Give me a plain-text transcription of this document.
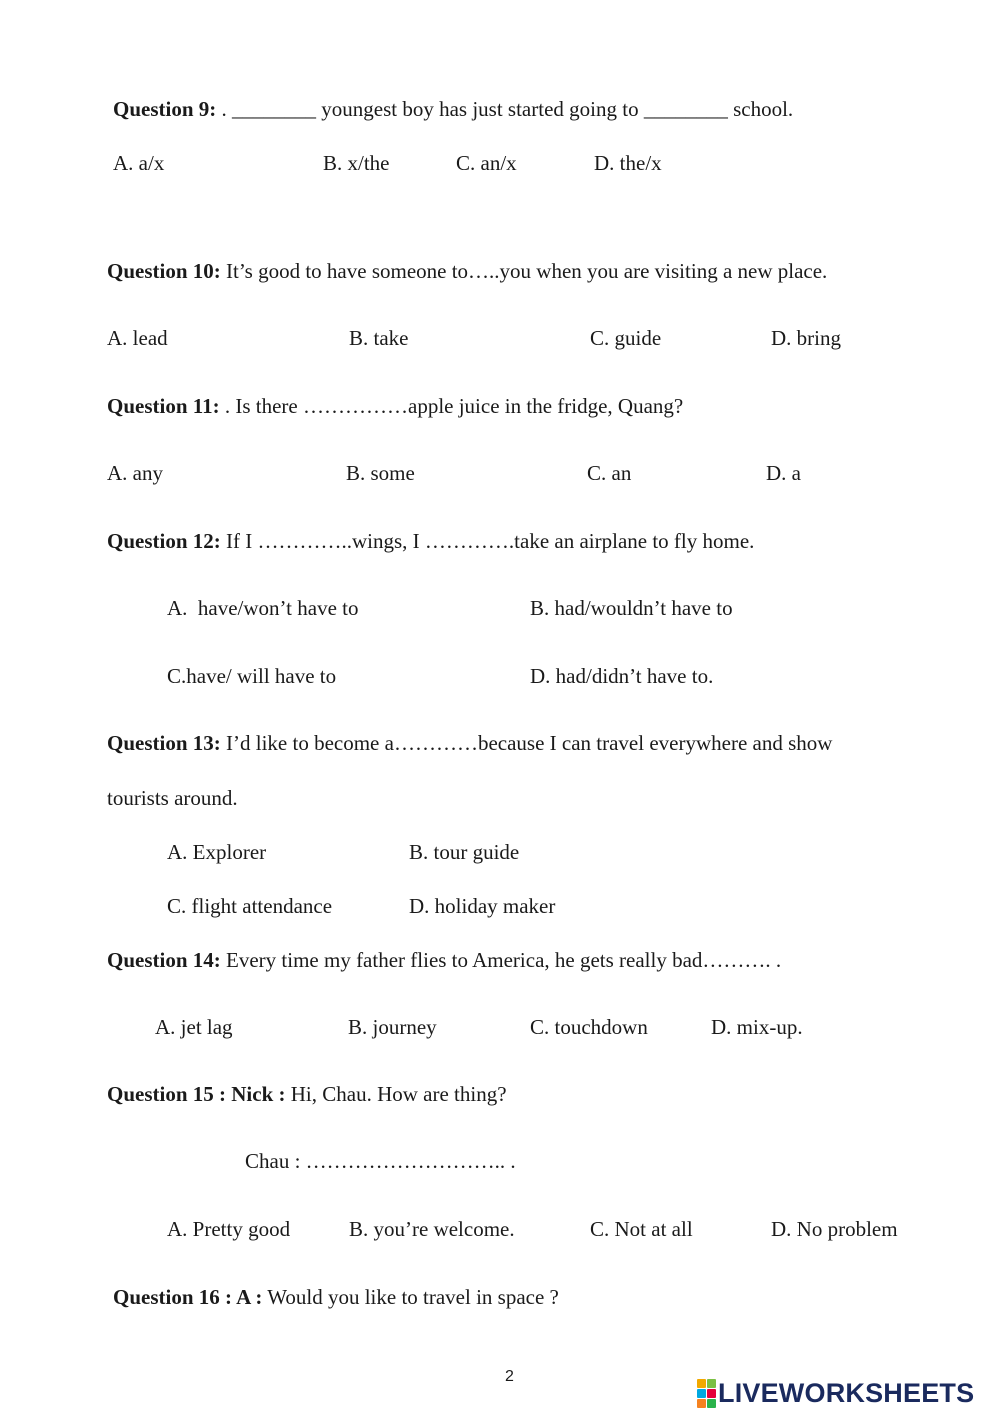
Question 9: . ________ youngest boy has just started going to ________ school.
A. a/x	B. x/the	C. an/x	D. the/x
Question 10: It’s good to have someone to…..you when you are visiting a new place.
A. lead	B. take	C. guide	D. bring
Question 11: . Is there ……………apple juice in the fridge, Quang?
A. any	B. some	C. an	D. a
Question 12: If I …………..wings, I ………….take an airplane to fly home.
A.  have/won’t have to	B. had/wouldn’t have to
C.have/ will have to	D. had/didn’t have to.
Question 13: I’d like to become a…………because I can travel everywhere and show
tourists around.
A. Explorer	B. tour guide
C. flight attendance	D. holiday maker
Question 14: Every time my father flies to America, he gets really bad………. .
A. jet lag	B. journey	C. touchdown	D. mix-up.
Question 15 : Nick : Hi, Chau. How are thing?
Chau : ……………………….. .
A. Pretty good	B. you’re welcome.	C. Not at all	D. No problem
Question 16 : A : Would you like to travel in space ?
2
LIVEWORKSHEETS
